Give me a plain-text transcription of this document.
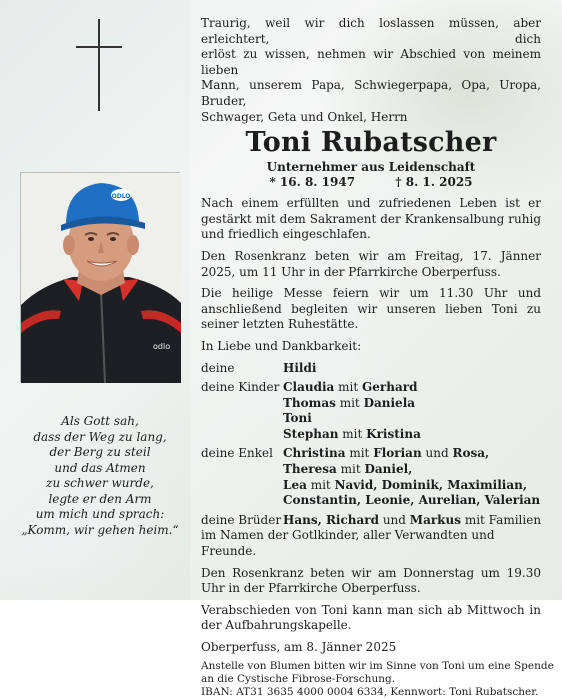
ODLO
odlo
Als Gott sah,
dass der Weg zu lang,
der Berg zu steil
und das Atmen
zu schwer wurde,
legte er den Arm
um mich und sprach:
„Komm, wir gehen heim.“
Traurig, weil wir dich loslassen müssen, aber erleichtert, dich
erlöst zu wissen, nehmen wir Abschied von meinem lieben
Mann, unserem Papa, Schwiegerpapa, Opa, Uropa, Bruder,
Schwager, Geta und Onkel, Herrn
Toni Rubatscher
Unternehmer aus Leidenschaft
* 16. 8. 1947	† 8. 1. 2025

Nach einem erfüllten und zufriedenen Leben ist er gestärkt mit dem Sakrament der Krankensalbung ruhig und friedlich eingeschlafen.

Den Rosenkranz beten wir am Freitag, 17. Jänner 2025, um 11 Uhr in der Pfarrkirche Oberperfuss.

Die heilige Messe feiern wir um 11.30 Uhr und anschließend begleiten wir unseren lieben Toni zu seiner letzten Ruhestätte.

In Liebe und Dankbarkeit:
deine	Hildi
deine Kinder Claudia mit Gerhard
Thomas mit Daniela
Toni
Stephan mit Kristina
deine Enkel Christina mit Florian und Rosa,
Theresa mit Daniel,
Lea mit Navid, Dominik, Maximilian,
Constantin, Leonie, Aurelian, Valerian
deine Brüder Hans, Richard und Markus mit Familien
im Namen der Gotlkinder, aller Verwandten und Freunde.

Den Rosenkranz beten wir am Donnerstag um 19.30 Uhr in der Pfarrkirche Oberperfuss.

Verabschieden von Toni kann man sich ab Mittwoch in der Aufbahrungskapelle.

Oberperfuss, am 8. Jänner 2025
Anstelle von Blumen bitten wir im Sinne von Toni um eine Spende
an die Cystische Fibrose-Forschung.
IBAN: AT31 3635 4000 0004 6334, Kennwort: Toni Rubatscher.
